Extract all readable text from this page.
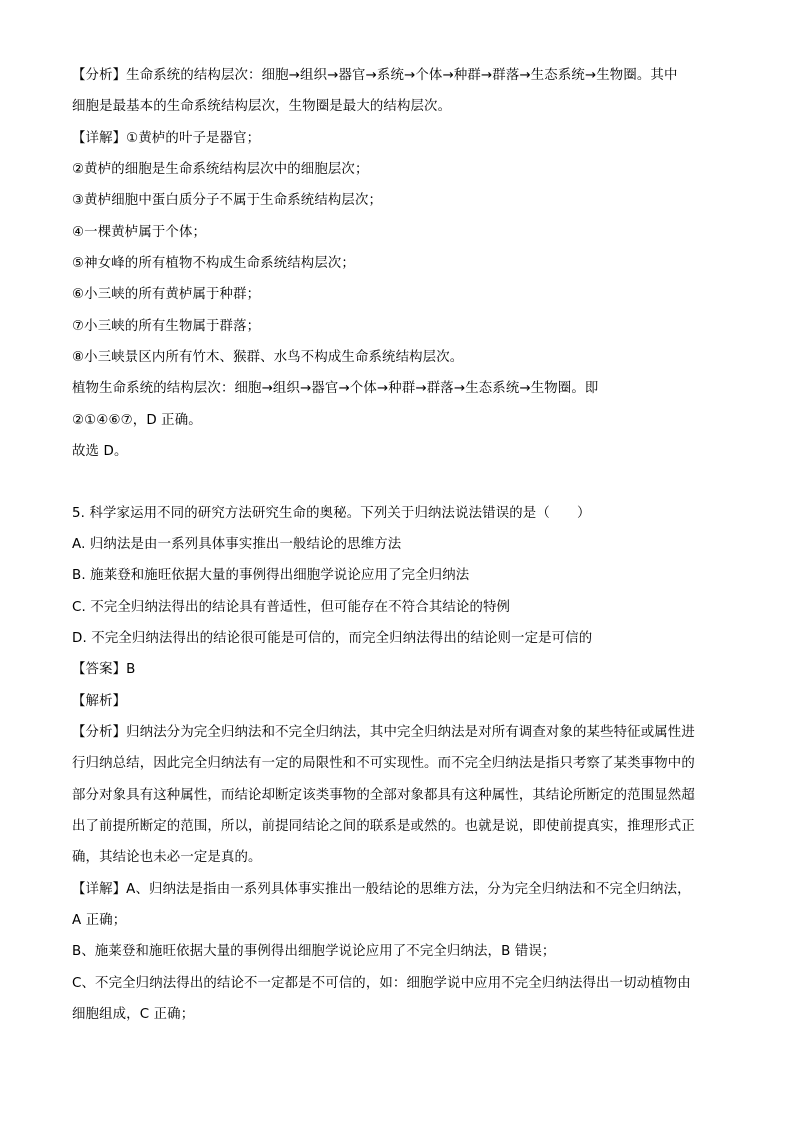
【分析】生命系统的结构层次：细胞→组织→器官→系统→个体→种群→群落→生态系统→生物圈。其中
细胞是最基本的生命系统结构层次，生物圈是最大的结构层次。
【详解】①黄栌的叶子是器官；
②黄栌的细胞是生命系统结构层次中的细胞层次；
③黄栌细胞中蛋白质分子不属于生命系统结构层次；
④一棵黄栌属于个体；
⑤神女峰的所有植物不构成生命系统结构层次；
⑥小三峡的所有黄栌属于种群；
⑦小三峡的所有生物属于群落；
⑧小三峡景区内所有竹木、猴群、水鸟不构成生命系统结构层次。
植物生命系统的结构层次：细胞→组织→器官→个体→种群→群落→生态系统→生物圈。即
②①④⑥⑦，D 正确。
故选 D。
5. 科学家运用不同的研究方法研究生命的奥秘。下列关于归纳法说法错误的是（　　）
A. 归纳法是由一系列具体事实推出一般结论的思维方法
B. 施莱登和施旺依据大量的事例得出细胞学说论应用了完全归纳法
C. 不完全归纳法得出的结论具有普适性，但可能存在不符合其结论的特例
D. 不完全归纳法得出的结论很可能是可信的，而完全归纳法得出的结论则一定是可信的
【答案】B
【解析】
【分析】归纳法分为完全归纳法和不完全归纳法，其中完全归纳法是对所有调查对象的某些特征或属性进
行归纳总结，因此完全归纳法有一定的局限性和不可实现性。而不完全归纳法是指只考察了某类事物中的
部分对象具有这种属性，而结论却断定该类事物的全部对象都具有这种属性，其结论所断定的范围显然超
出了前提所断定的范围，所以，前提同结论之间的联系是或然的。也就是说，即使前提真实，推理形式正
确，其结论也未必一定是真的。
【详解】A、归纳法是指由一系列具体事实推出一般结论的思维方法，分为完全归纳法和不完全归纳法，
A 正确；
B、施莱登和施旺依据大量的事例得出细胞学说论应用了不完全归纳法，B 错误；
C、不完全归纳法得出的结论不一定都是不可信的，如：细胞学说中应用不完全归纳法得出一切动植物由
细胞组成，C 正确；
